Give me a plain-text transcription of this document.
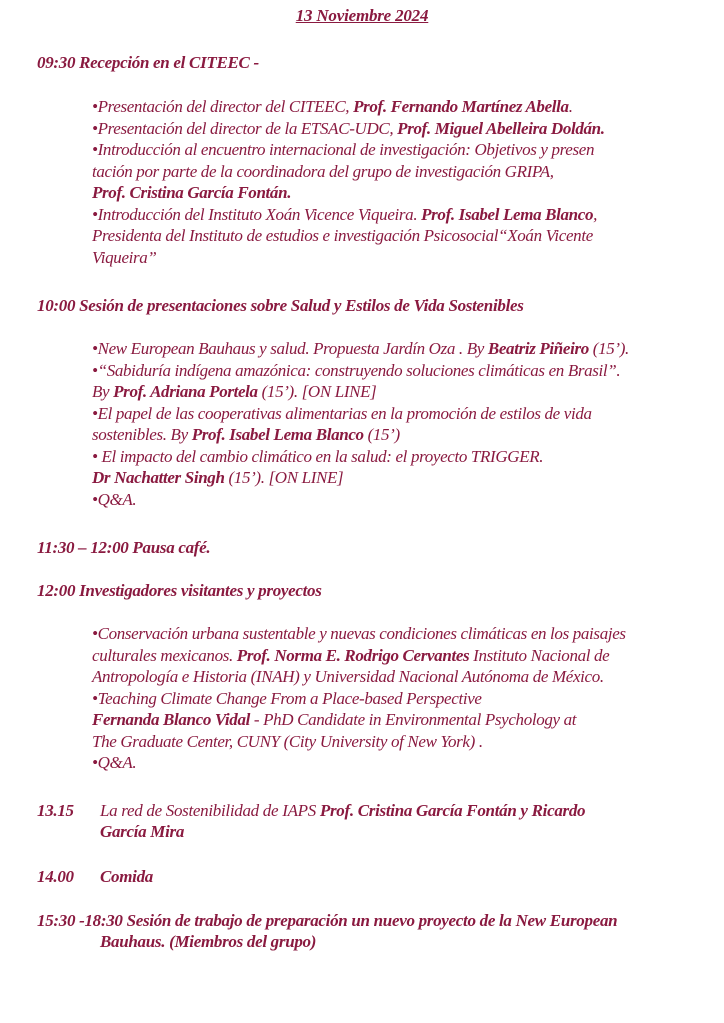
13 Noviembre 2024
09:30 Recepción en el CITEEC -
•Presentación del director del CITEEC, Prof. Fernando Martínez Abella.
•Presentación del director de la ETSAC-UDC, Prof. Miguel Abelleira Doldán.
•Introducción al encuentro internacional de investigación: Objetivos y presen
tación por parte de la coordinadora del grupo de investigación GRIPA,
Prof. Cristina García Fontán.
•Introducción del Instituto Xoán Vicence Viqueira. Prof. Isabel Lema Blanco,
Presidenta del Instituto de estudios e investigación Psicosocial“Xoán Vicente
Viqueira”
10:00 Sesión de presentaciones sobre Salud y Estilos de Vida Sostenibles
•New European Bauhaus y salud. Propuesta Jardín Oza . By Beatriz Piñeiro (15’).
•“Sabiduría indígena amazónica: construyendo soluciones climáticas en Brasil”.
By Prof. Adriana Portela (15’). [ON LINE]
•El papel de las cooperativas alimentarias en la promoción de estilos de vida
sostenibles. By Prof. Isabel Lema Blanco (15’)
• El impacto del cambio climático en la salud: el proyecto TRIGGER.
Dr Nachatter Singh (15’). [ON LINE]
•Q&A.
11:30 – 12:00 Pausa café.
12:00 Investigadores visitantes y proyectos
•Conservación urbana sustentable y nuevas condiciones climáticas en los paisajes
culturales mexicanos. Prof. Norma E. Rodrigo Cervantes Instituto Nacional de
Antropología e Historia (INAH) y Universidad Nacional Autónoma de México.
•Teaching Climate Change From a Place-based Perspective
Fernanda Blanco Vidal - PhD Candidate in Environmental Psychology at
The Graduate Center, CUNY (City University of New York) .
•Q&A.
13.15 La red de Sostenibilidad de IAPS Prof. Cristina García Fontán y Ricardo
García Mira
14.00 Comida
15:30 -18:30 Sesión de trabajo de preparación un nuevo proyecto de la New European
Bauhaus. (Miembros del grupo)
